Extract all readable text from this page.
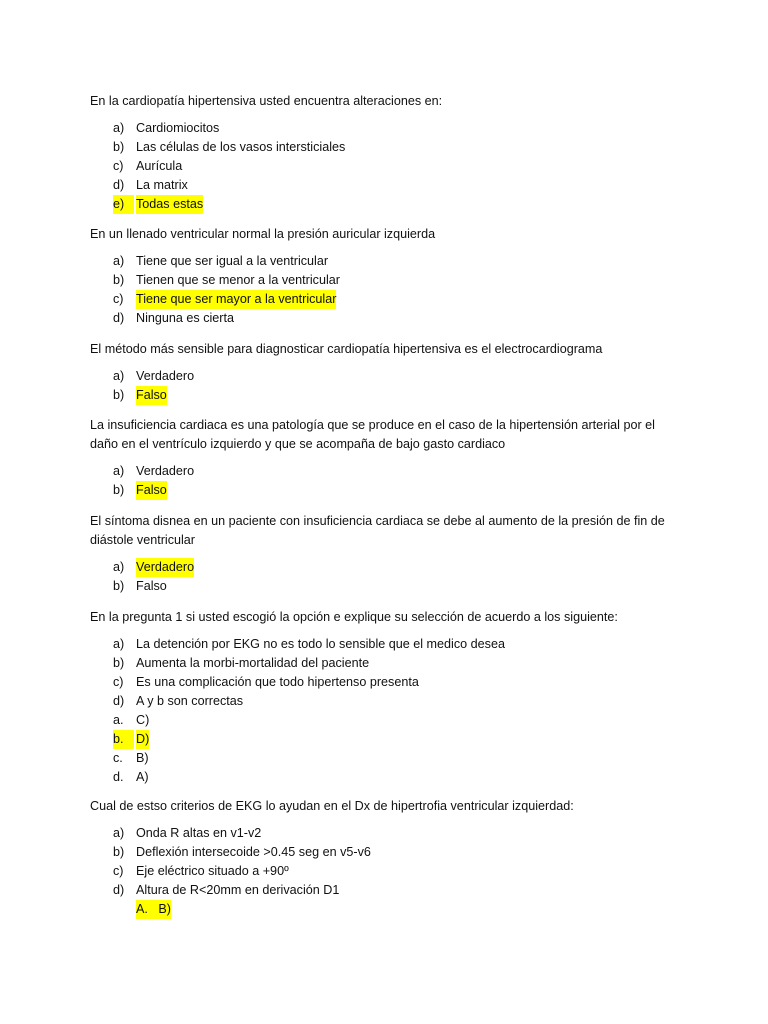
En la cardiopatía hipertensiva usted encuentra alteraciones en:

a) Cardiomiocitos
b) Las células de los vasos intersticiales
c) Aurícula
d) La matrix
e) Todas estas

En un llenado ventricular normal la presión auricular izquierda

a) Tiene que ser igual a la ventricular
b) Tienen que se menor a la ventricular
c) Tiene que ser mayor a la ventricular
d) Ninguna es cierta

El método más sensible para diagnosticar cardiopatía hipertensiva es el electrocardiograma

a) Verdadero
b) Falso

La insuficiencia cardiaca es una patología que se produce en el caso de la hipertensión arterial por el

daño en el ventrículo izquierdo y que se acompaña de bajo gasto cardiaco

a) Verdadero
b) Falso

El síntoma disnea en un paciente con insuficiencia cardiaca se debe al aumento de la presión de fin de

diástole ventricular

a) Verdadero
b) Falso

En la pregunta 1 si usted escogió la opción e explique su selección de acuerdo a los siguiente:

a) La detención por EKG no es todo lo sensible que el medico desea
b) Aumenta la morbi-mortalidad del paciente
c) Es una complicación que todo hipertenso presenta
d) A y b son correctas
a. C)
b. D)
c. B)
d. A)

Cual de estso criterios de EKG lo ayudan en el Dx de hipertrofia ventricular izquierdad:

a) Onda R altas en v1-v2
b) Deflexión intersecoide >0.45 seg en v5-v6
c) Eje eléctrico situado a +90º
d) Altura de R<20mm en derivación D1
A. B)
